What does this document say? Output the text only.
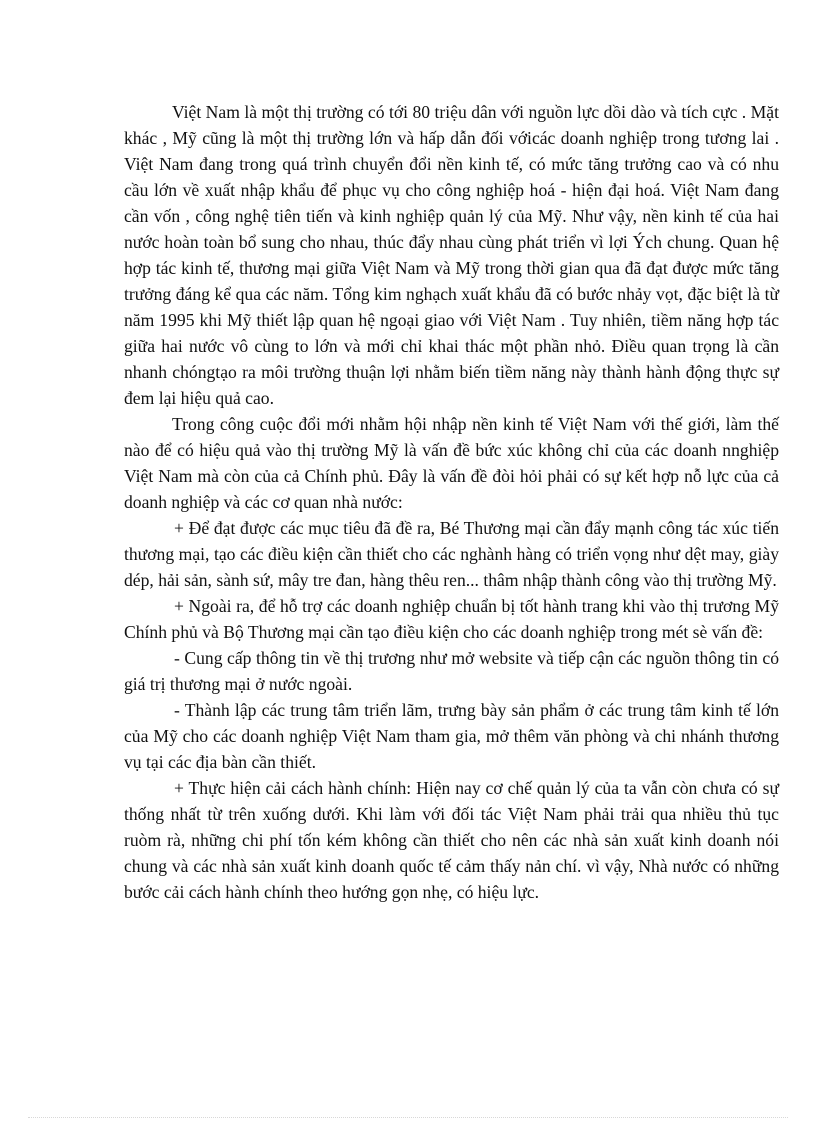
Việt Nam là một thị trường có tới 80 triệu dân với nguồn lực dồi dào và tích cực . Mặt khác , Mỹ cũng là một thị trường lớn và hấp dẫn đối vớicác doanh nghiệp trong tương lai . Việt Nam đang trong quá trình chuyển đổi nền kinh tế, có mức tăng trưởng cao và có nhu cầu lớn về xuất nhập khẩu để phục vụ cho công nghiệp hoá - hiện đại hoá. Việt Nam đang cần vốn , công nghệ tiên tiến và kinh nghiệp quản lý của Mỹ. Như vậy, nền kinh tế của hai nước hoàn toàn bổ sung cho nhau, thúc đẩy nhau cùng phát triển vì lợi Ých chung. Quan hệ hợp tác kinh tế, thương mại giữa Việt Nam và Mỹ trong thời gian qua đã đạt được mức tăng trưởng đáng kể qua các năm. Tổng kim nghạch xuất khẩu đã có bước nhảy vọt, đặc biệt là từ năm 1995 khi Mỹ thiết lập quan hệ ngoại giao với Việt Nam . Tuy nhiên, tiềm năng hợp tác giữa hai nước vô cùng to lớn và mới chỉ khai thác một phần nhỏ. Điều quan trọng là cần nhanh chóngtạo ra môi trường thuận lợi nhằm biến tiềm năng này thành hành động thực sự đem lại hiệu quả cao.

Trong công cuộc đổi mới nhằm hội nhập nền kinh tế Việt Nam với thế giới, làm thế nào để có hiệu quả vào thị trường Mỹ là vấn đề bức xúc không chỉ của các doanh nnghiệp Việt Nam mà còn của cả Chính phủ. Đây là vấn đề đòi hỏi phải có sự kết hợp nỗ lực của cả doanh nghiệp và các cơ quan nhà nước:

+ Để đạt được các mục tiêu đã đề ra, Bé Thương mại cần đẩy mạnh công tác xúc tiến thương mại, tạo các điều kiện cần thiết cho các nghành hàng có triển vọng như dệt may, giày dép, hải sản, sành sứ, mây tre đan, hàng thêu ren... thâm nhập thành công vào thị trường Mỹ.

+ Ngoài ra, để hỗ trợ các doanh nghiệp chuẩn bị tốt hành trang khi vào thị trương Mỹ Chính phủ và Bộ Thương mại cần tạo điều kiện cho các doanh nghiệp trong mét sè vấn đề:

- Cung cấp thông tin về thị trương như mở website và tiếp cận các nguồn thông tin có giá trị thương mại ở nước ngoài.

- Thành lập các trung tâm triển lãm, trưng bày sản phẩm ở các trung tâm kinh tế lớn của Mỹ cho các doanh nghiệp Việt Nam tham gia, mở thêm văn phòng và chi nhánh thương vụ tại các địa bàn cần thiết.

+ Thực hiện cải cách hành chính: Hiện nay cơ chế quản lý của ta vẫn còn chưa có sự thống nhất từ trên xuống dưới. Khi làm với đối tác Việt Nam phải trải qua nhiều thủ tục ruòm rà, những chi phí tốn kém không cần thiết cho nên các nhà sản xuất kinh doanh nói chung và các nhà sản xuất kinh doanh quốc tế cảm thấy nản chí. vì vậy, Nhà nước có những bước cải cách hành chính theo hướng gọn nhẹ, có hiệu lực.
